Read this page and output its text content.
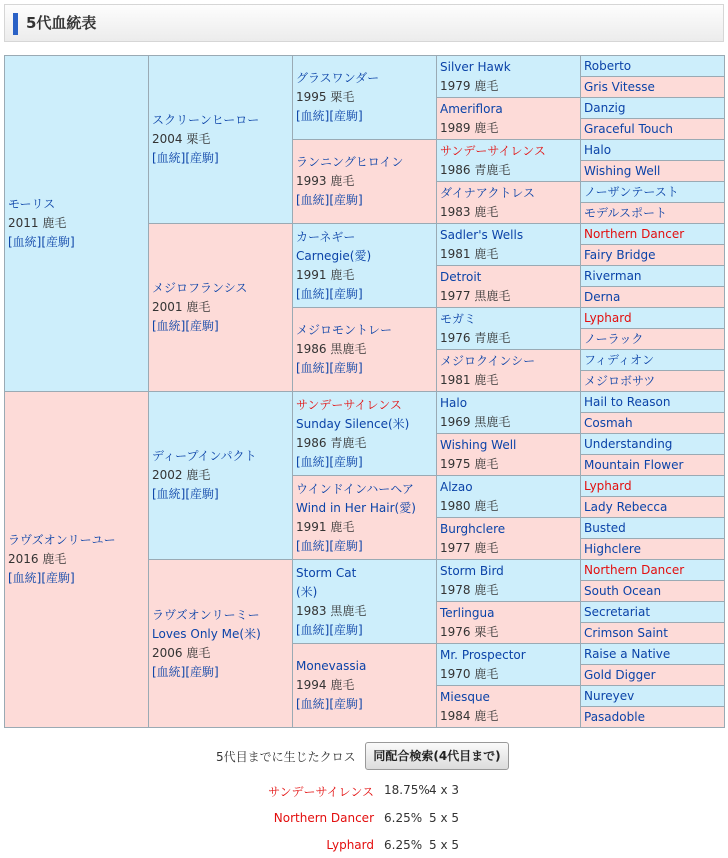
5代血統表
モーリス
2011 鹿毛
[血統][産駒]	スクリーンヒーロー
2004 栗毛
[血統][産駒]	グラスワンダー
1995 栗毛
[血統][産駒]	Silver Hawk
1979 鹿毛	Roberto
				Gris Vitesse
			Ameriflora
1989 鹿毛	Danzig
				Graceful Touch
		ランニングヒロイン
1993 鹿毛
[血統][産駒]	サンデーサイレンス
1986 青鹿毛	Halo
				Wishing Well
			ダイナアクトレス
1983 鹿毛	ノーザンテースト
				モデルスポート
	メジロフランシス
2001 鹿毛
[血統][産駒]	カーネギー
Carnegie(愛)
1991 鹿毛
[血統][産駒]	Sadler's Wells
1981 鹿毛	Northern Dancer
				Fairy Bridge
			Detroit
1977 黒鹿毛	Riverman
				Derna
		メジロモントレー
1986 黒鹿毛
[血統][産駒]	モガミ
1976 青鹿毛	Lyphard
				ノーラック
			メジロクインシー
1981 鹿毛	フィディオン
				メジロボサツ
ラヴズオンリーユー
2016 鹿毛
[血統][産駒]	ディープインパクト
2002 鹿毛
[血統][産駒]	サンデーサイレンス
Sunday Silence(米)
1986 青鹿毛
[血統][産駒]	Halo
1969 黒鹿毛	Hail to Reason
				Cosmah
			Wishing Well
1975 鹿毛	Understanding
				Mountain Flower
		ウインドインハーヘア
Wind in Her Hair(愛)
1991 鹿毛
[血統][産駒]	Alzao
1980 鹿毛	Lyphard
				Lady Rebecca
			Burghclere
1977 鹿毛	Busted
				Highclere
	ラヴズオンリーミー
Loves Only Me(米)
2006 鹿毛
[血統][産駒]	Storm Cat
(米)
1983 黒鹿毛
[血統][産駒]	Storm Bird
1978 鹿毛	Northern Dancer
				South Ocean
			Terlingua
1976 栗毛	Secretariat
				Crimson Saint
		Monevassia
1994 鹿毛
[血統][産駒]	Mr. Prospector
1970 鹿毛	Raise a Native
				Gold Digger
			Miesque
1984 鹿毛	Nureyev
				Pasadoble
5代目までに生じたクロス	同配合検索(4代目まで)
サンデーサイレンス 18.75% 4 x 3
Northern Dancer 6.25% 5 x 5
Lyphard 6.25% 5 x 5
